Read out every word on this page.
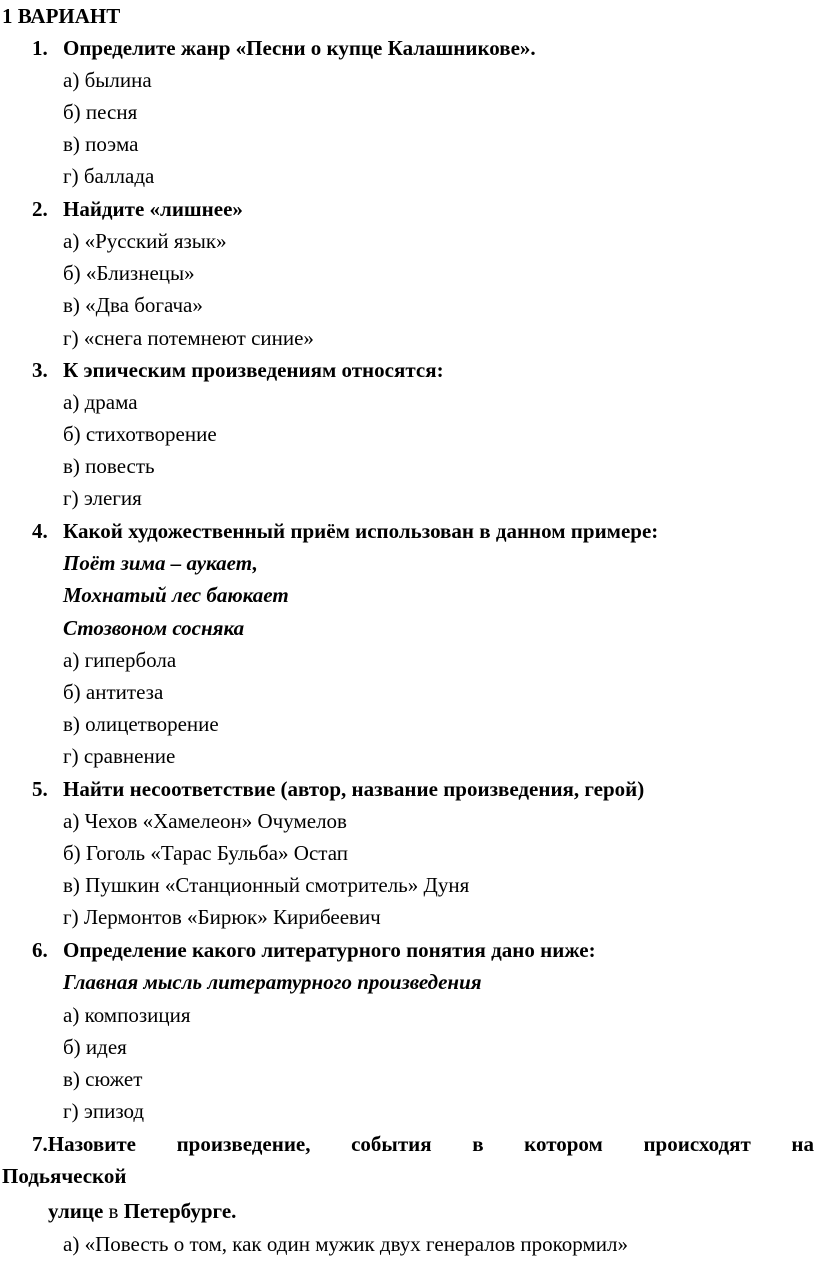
1 ВАРИАНТ
1. Определите жанр «Песни о купце Калашникове».
а) былина
б) песня
в) поэма
г) баллада
2. Найдите «лишнее»
а) «Русский язык»
б) «Близнецы»
в) «Два богача»
г) «снега потемнеют синие»
3. К эпическим произведениям относятся:
а) драма
б) стихотворение
в) повесть
г) элегия
4. Какой художественный приём использован в данном примере:
Поёт зима – аукает,
Мохнатый лес баюкает
Стозвоном сосняка
а) гипербола
б) антитеза
в) олицетворение
г) сравнение
5. Найти несоответствие (автор, название произведения, герой)
а) Чехов «Хамелеон» Очумелов
б) Гоголь «Тарас Бульба» Остап
в) Пушкин «Станционный смотритель» Дуня
г) Лермонтов «Бирюк» Кирибеевич
6. Определение какого литературного понятия дано ниже:
Главная мысль литературного произведения
а) композиция
б) идея
в) сюжет
г) эпизод
7.Назовите произведение, события в котором происходят на
Подьяческой
улице в Петербурге.
а) «Повесть о том, как один мужик двух генералов прокормил»
